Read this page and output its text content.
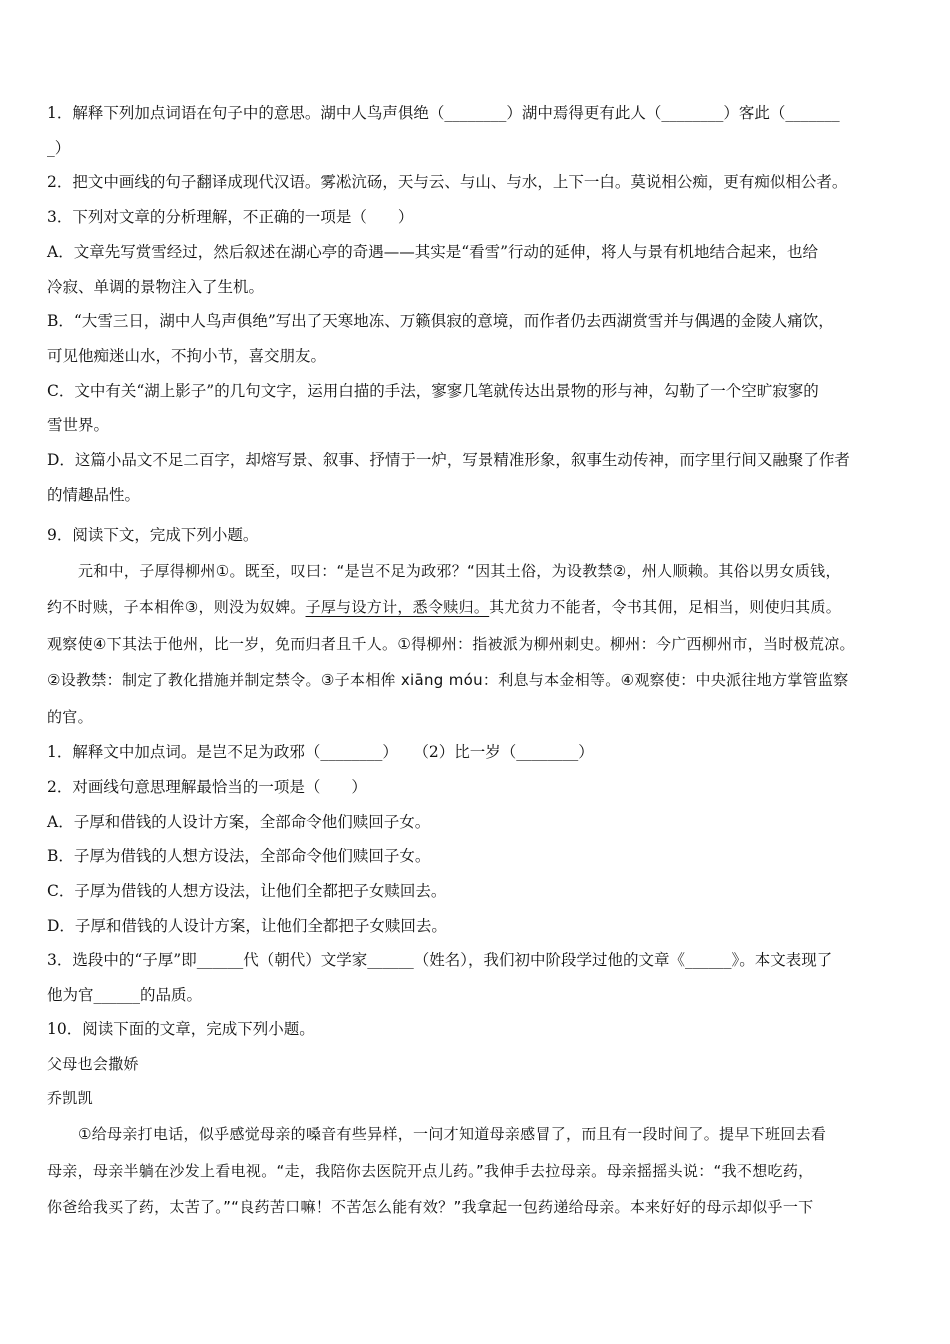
1．解释下列加点词语在句子中的意思。湖中人鸟声俱绝（________）湖中焉得更有此人（________）客此（_______
_）
2．把文中画线的句子翻译成现代汉语。雾凇沆砀，天与云、与山、与水，上下一白。莫说相公痴，更有痴似相公者。
3．下列对文章的分析理解，不正确的一项是（　　）
A．文章先写赏雪经过，然后叙述在湖心亭的奇遇——其实是“看雪”行动的延伸，将人与景有机地结合起来，也给
冷寂、单调的景物注入了生机。
B．“大雪三日，湖中人鸟声俱绝”写出了天寒地冻、万籁俱寂的意境，而作者仍去西湖赏雪并与偶遇的金陵人痛饮，
可见他痴迷山水，不拘小节，喜交朋友。
C．文中有关“湖上影子”的几句文字，运用白描的手法，寥寥几笔就传达出景物的形与神，勾勒了一个空旷寂寥的
雪世界。
D．这篇小品文不足二百字，却熔写景、叙事、抒情于一炉，写景精准形象，叙事生动传神，而字里行间又融聚了作者
的情趣品性。
9．阅读下文，完成下列小题。
元和中，子厚得柳州①。既至，叹曰：“是岂不足为政邪？“因其土俗，为设教禁②，州人顺赖。其俗以男女质钱，
约不时赎，子本相侔③，则没为奴婢。子厚与设方计，悉令赎归。其尤贫力不能者，令书其佣，足相当，则使归其质。
观察使④下其法于他州，比一岁，免而归者且千人。①得柳州：指被派为柳州刺史。柳州：今广西柳州市，当时极荒凉。
②设教禁：制定了教化措施并制定禁令。③子本相侔 xiāng móu：利息与本金相等。④观察使：中央派往地方掌管监察
的官。
1．解释文中加点词。是岂不足为政邪（________）　　（2）比一岁（________）
2．对画线句意思理解最恰当的一项是（　　）
A．子厚和借钱的人设计方案，全部命令他们赎回子女。
B．子厚为借钱的人想方设法，全部命令他们赎回子女。
C．子厚为借钱的人想方设法，让他们全都把子女赎回去。
D．子厚和借钱的人设计方案，让他们全都把子女赎回去。
3．选段中的“子厚”即______代（朝代）文学家______（姓名），我们初中阶段学过他的文章《______》。本文表现了
他为官______的品质。
10．阅读下面的文章，完成下列小题。
父母也会撒娇
乔凯凯
①给母亲打电话，似乎感觉母亲的嗓音有些异样，一问才知道母亲感冒了，而且有一段时间了。提早下班回去看
母亲，母亲半躺在沙发上看电视。“走，我陪你去医院开点儿药。”我伸手去拉母亲。母亲摇摇头说：“我不想吃药，
你爸给我买了药，太苦了。”“良药苦口嘛！不苦怎么能有效？”我拿起一包药递给母亲。本来好好的母示却似乎一下
